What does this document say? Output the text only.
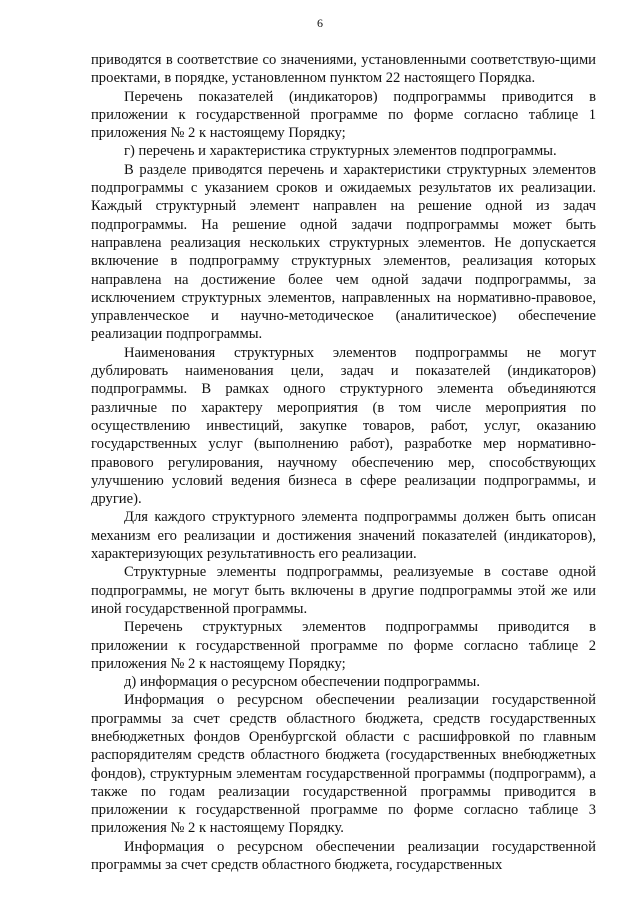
6

приводятся в соответствие со значениями, установленными соответствую-щими проектами, в порядке, установленном пунктом 22 настоящего Порядка.

Перечень показателей (индикаторов) подпрограммы приводится в приложении к государственной программе по форме согласно таблице 1 приложения № 2 к настоящему Порядку;

г) перечень и характеристика структурных элементов подпрограммы.

В разделе приводятся перечень и характеристики структурных элементов подпрограммы с указанием сроков и ожидаемых результатов их реализации. Каждый структурный элемент направлен на решение одной из задач подпрограммы. На решение одной задачи подпрограммы может быть направлена реализация нескольких структурных элементов. Не допускается включение в подпрограмму структурных элементов, реализация которых направлена на достижение более чем одной задачи подпрограммы, за исключением структурных элементов, направленных на нормативно-правовое, управленческое и научно-методическое (аналитическое) обеспечение реализации подпрограммы.

Наименования структурных элементов подпрограммы не могут дублировать наименования цели, задач и показателей (индикаторов) подпрограммы. В рамках одного структурного элемента объединяются различные по характеру мероприятия (в том числе мероприятия по осуществлению инвестиций, закупке товаров, работ, услуг, оказанию государственных услуг (выполнению работ), разработке мер нормативно-правового регулирования, научному обеспечению мер, способствующих улучшению условий ведения бизнеса в сфере реализации подпрограммы, и другие).

Для каждого структурного элемента подпрограммы должен быть описан механизм его реализации и достижения значений показателей (индикаторов), характеризующих результативность его реализации.

Структурные элементы подпрограммы, реализуемые в составе одной подпрограммы, не могут быть включены в другие подпрограммы этой же или иной государственной программы.

Перечень структурных элементов подпрограммы приводится в приложении к государственной программе по форме согласно таблице 2 приложения № 2 к настоящему Порядку;

д) информация о ресурсном обеспечении подпрограммы.

Информация о ресурсном обеспечении реализации государственной программы за счет средств областного бюджета, средств государственных внебюджетных фондов Оренбургской области с расшифровкой по главным распорядителям средств областного бюджета (государственных внебюджетных фондов), структурным элементам государственной программы (подпрограмм), а также по годам реализации государственной программы приводится в приложении к государственной программе по форме согласно таблице 3 приложения № 2 к настоящему Порядку.

Информация о ресурсном обеспечении реализации государственной программы за счет средств областного бюджета, государственных
